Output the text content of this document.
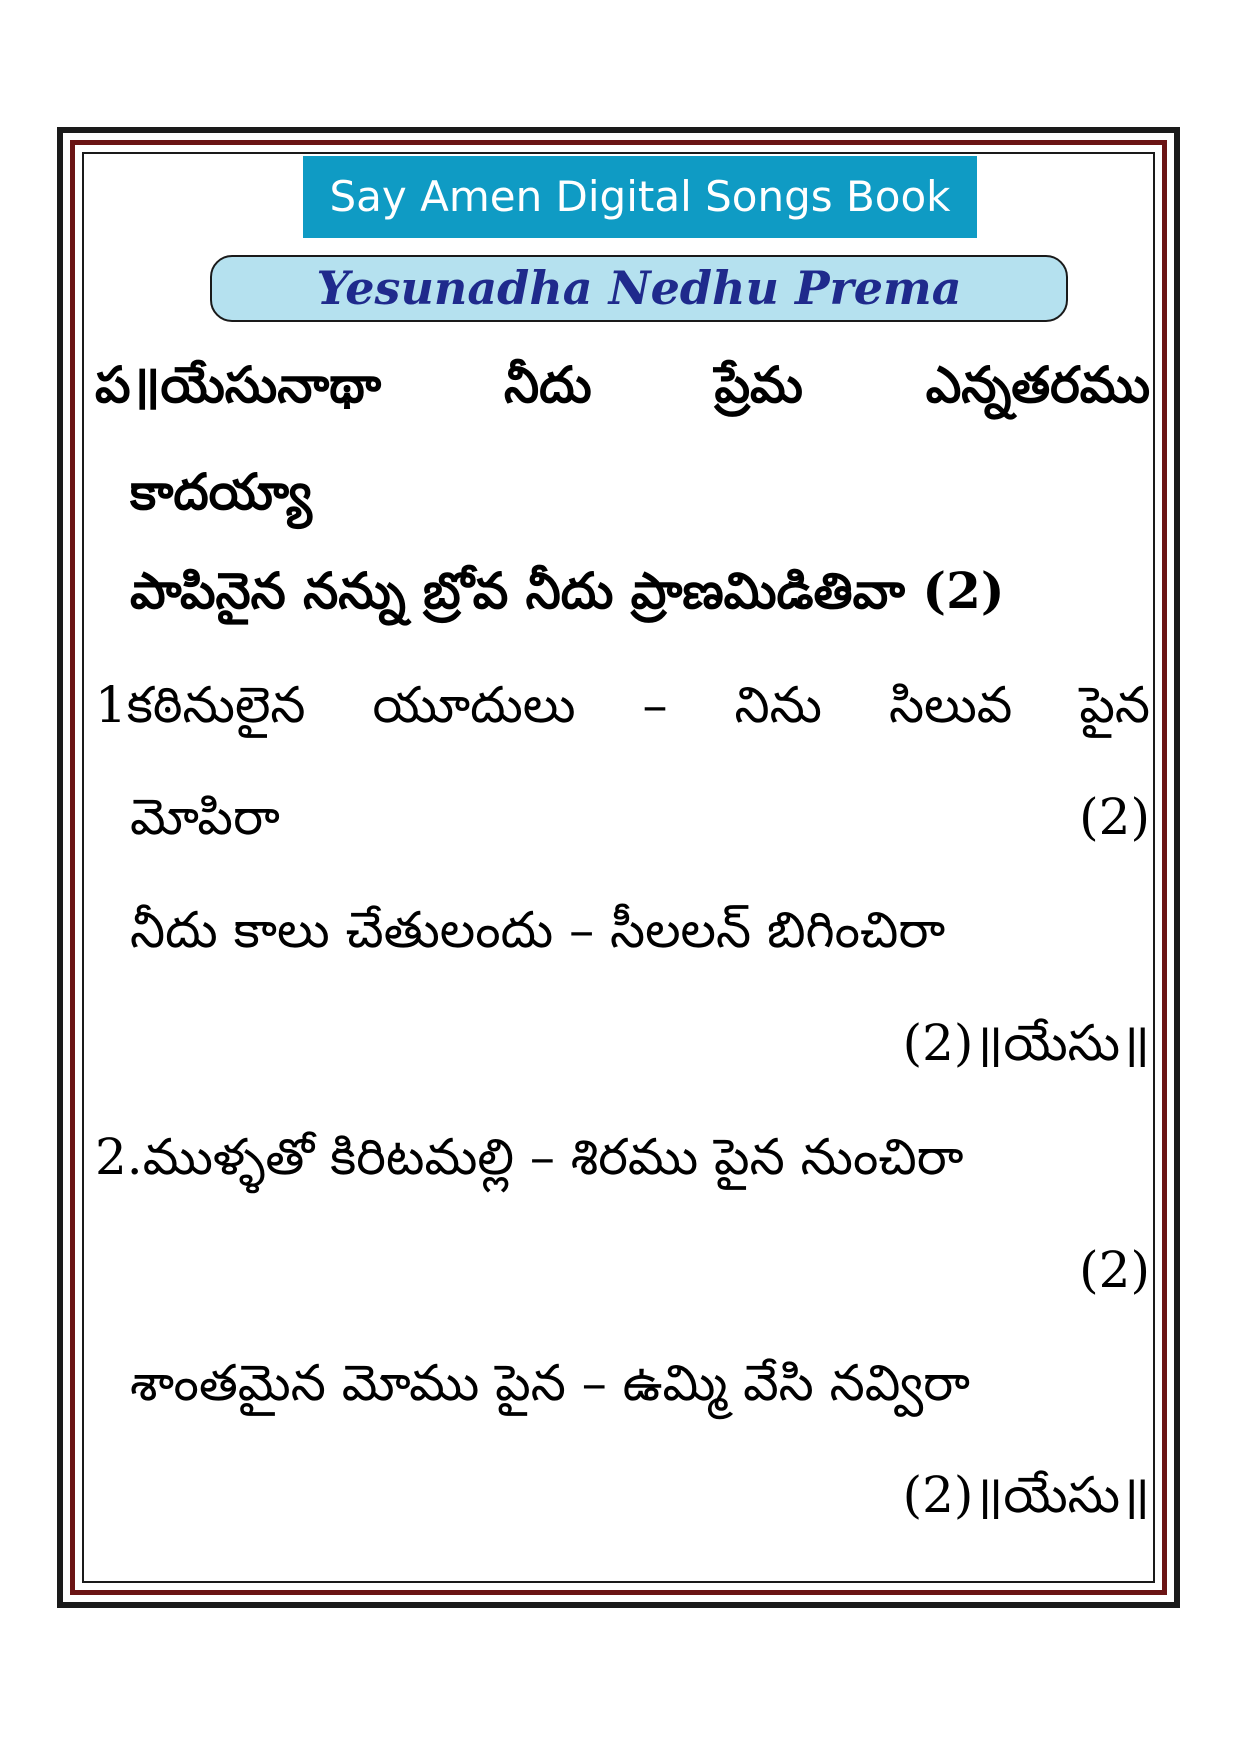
Say Amen Digital Songs Book
Yesunadha Nedhu Prema
ప॥యేసునాథా నీదు ప్రేమ ఎన్నతరము
కాదయ్యా
పాపినైన నన్ను బ్రోవ నీదు ప్రాణమిడితివా (2)
1కఠినులైన యూదులు – నిను సిలువ పైన
మోపిరా	(2)
నీదు కాలు చేతులందు – సీలలన్ బిగించిరా
(2)॥యేసు॥
2.ముళ్ళతో కిరిటమల్లి – శిరము పైన నుంచిరా
(2)
శాంతమైన మోము పైన – ఉమ్మి వేసి నవ్విరా
(2)॥యేసు॥
